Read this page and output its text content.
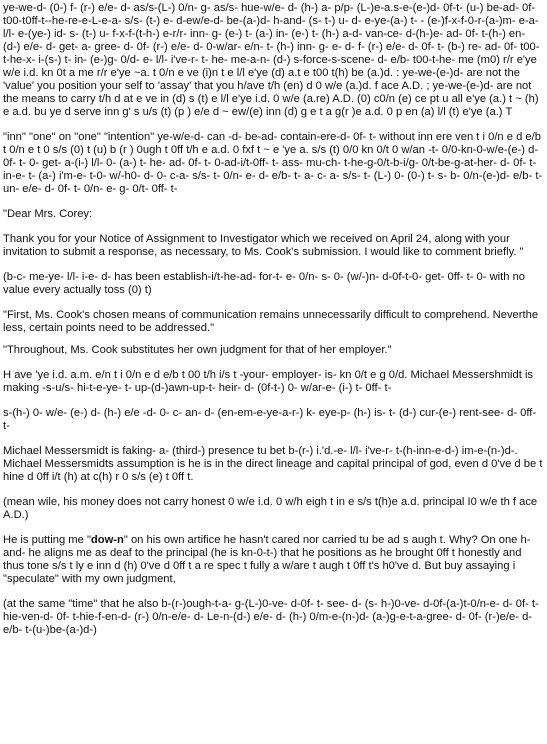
ye-we-d- (0-) f- (r-) e/e- d- as/s-(L-) 0/n- g- as/s- hue-w/e- d- (h-) a- p/p- (L-)e-a.s-e-(e-)d- 0f-t- (u-) be-ad- 0f- t00-t0ff-t--he-re-e-L-e-a- s/s- (t-) e- d-ew/e-d- be-(a-)d- h-and- (s- t-) u- d- e-ye-(a-) t- - (e-)f-x-f-0-r-(a-)m- e-a- l/l- e-(ye-) id- s- (t-) u- f-x-f-(t-h-) e-r/r- inn- g- (e-) t- (a-) in- (e-) t- (h-) a-d- van-ce- d-(h-)e- ad- 0f- t-(h-) en- (d-) e/e- d- get- a- gree- d- 0f- (r-) e/e- d- 0-w/ar- e/n- t- (h-) inn- g- e- d- f- (r-) e/e- d- 0f- t- (b-) re- ad- 0f- t00-t-he-x- i-(s-) t- in- (e-)g- 0/d- e- l/l- i've-r- t- he- me-a-n- (d-) s-force-s-scene- d- e/b- t00-t-he- me (m0) r/r e'ye w/e i.d. kn 0t a me r/r e'ye ~a. t 0/n e ve (i)n t e l/l e'ye (d) a.t e t00 t(h) be (a.)d. : ye-we-(e-)d- are not the 'value' you position your self to 'assay' that you h/ave t/h (en) d 0 w/e (a.)d. f ace A.D. ; ye-we-(e-)d- are not the means to carry t/h d at e ve in (d) s (t) e l/l e'ye i.d. 0 w/e (a.re) A.D. (0) c0/n (e) ce pt u all e'ye (a.) t ~ (h) e a.d. bu ye d serve inn g' s u/s (t) (p ) e/e d ~ ew/(e) inn (d) g e t a g(r )e a.d. 0 p en (a) l/l (t) e'ye (a.) T

"inn" "one" on "one" "intention" ye-w/e-d- can -d- be-ad- contain-ere-d- 0f- t- without inn ere ven t i 0/n e d e/b t 0/n e t 0 s/s (0) t (u) b (r ) 0ugh t 0ff t/h e a.d. 0 fxf t ~ e 'ye a. s/s (t) 0/0 kn 0/t 0 w/an -t- 0/0-kn-0-w/e-(e-) d- 0f- t- 0- get- a-(i-) l/l- 0- (a-) t- he- ad- 0f- t- 0-ad-i/t-0ff- t- ass- mu-ch- t-he-g-0/t-b-i/g- 0/t-be-g-at-her- d- 0f- t- in-e- t- (a-) i'm-e- t-0- w/-h0- d- 0- c-a- s/s- t- 0/n- e- d- e/b- t- a- c- a- s/s- t- (L-) 0- (0-) t- s- b- 0/n-(e-)d- e/b- t-un- e/e- d- 0f- t- 0/n- e- g- 0/t- 0ff- t-

"Dear Mrs. Corey:

Thank you for your Notice of Assignment to Investigator which we received on April 24, along with your invitation to submit a response, as necessary, to Ms. Cook's submission. I would like to comment briefly. "

(b-c- me-ye- l/l- i-e- d- has been establish-i/t-he-ad- for-t- e- 0/n- s- 0- (w/-)n- d-0f-t-0- get- 0ff- t- 0- with no value every actually toss (0) t)

"First, Ms. Cook's chosen means of communication remains unnecessarily difficult to comprehend. Neverthe less, certain points need to be addressed."

"Throughout, Ms. Cook substitutes her own judgment for that of her employer."

H ave 'ye i.d. a.m. e/n t i 0/n e d e/b t 00 t/h i/s t -your- employer- is- kn 0/t e g 0/d. Michael Messershmidt is making -s-u/s- hi-t-e-ye- t- up-(d-)awn-up-t- heir- d- (0f-t-) 0- w/ar-e- (i-) t- 0ff- t-

s-(h-) 0- w/e- (e-) d- (h-) e/e -d- 0- c- an- d- (en-em-e-ye-a-r-) k- eye-p- (h-) is- t- (d-) cur-(e-) rent-see- d- 0ff- t-

Michael Messersmidt is faking- a- (third-) presence tu bet b-(r-) i.'d.-e- l/l- i've-r- t-(h-inn-e-d-) im-e-(n-)d-. Michael Messersmidts assumption is he is in the direct lineage and capital principal of god, even d 0've d be t hine d 0ff i/t (h) at c(h) r 0 s/s (e) t 0ff t.

(mean wile, his money does not carry honest 0 w/e i.d. 0 w/h eigh t in e s/s t(h)e a.d. principal I0 w/e th f ace A.D.)

He is putting me "dow-n" on his own artifice he hasn't cared nor carried tu be ad s augh t. Why? On one h-and- he aligns me as deaf to the principal (he is kn-0-t-) that he positions as he brought 0ff t honestly and thus tone s/s t ly e inn d (h) 0've d 0ff t a re spec t fully a w/are t augh t 0ff t's h0've d. But buy assaying i "speculate" with my own judgment,

(at the same "time" that he also b-(r-)ough-t-a- g-(L-)0-ve- d-0f- t- see- d- (s- h-)0-ve- d-0f-(a-)t-0/n-e- d- 0f- t-hie-ven-d- 0f- t-hie-f-en-d- (r-) 0/n-e/e- d- Le-n-(d-) e/e- d- (h-) 0/m-e-(n-)d- (a-)g-e-t-a-gree- d- 0f- (r-)e/e- d- e/b- t-(u-)be-(a-)d-)
